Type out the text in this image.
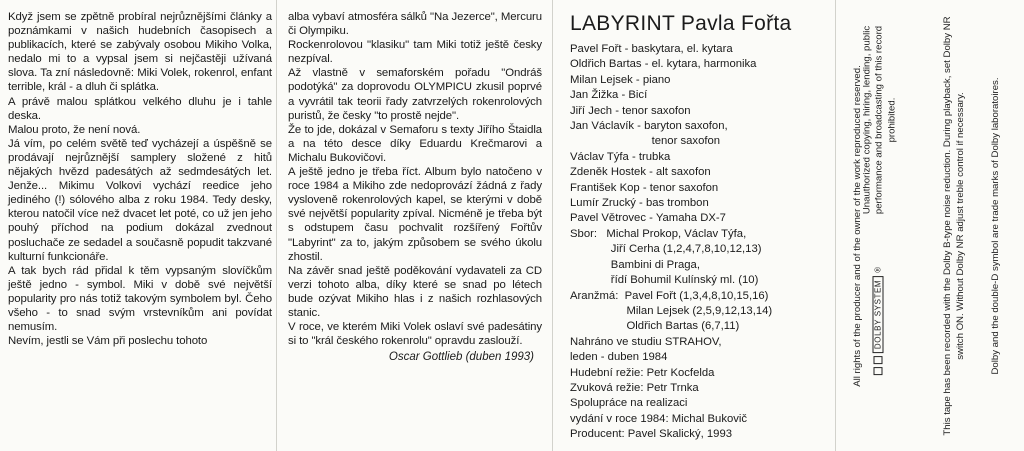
Když jsem se zpětně probíral nejrůznějšími články a poznámkami v našich hudebních časopisech a publikacích, které se zabývaly osobou Mikiho Volka, nedalo mi to a vypsal jsem si nejčastěji užívaná slova. Ta zní následovně: Miki Volek, rokenrol, enfant terrible, král - a dluh či splátka.
A právě malou splátkou velkého dluhu je i tahle deska.
Malou proto, že není nová.
Já vím, po celém světě teď vycházejí a úspěšně se prodávají nejrůznější samplery složené z hitů nějakých hvězd padesátých až sedmdesátých let. Jenže... Mikimu Volkovi vychází reedice jeho jediného (!) sólového alba z roku 1984. Tedy desky, kterou natočil více než dvacet let poté, co už jen jeho pouhý příchod na podium dokázal zvednout posluchače ze sedadel a současně popudit takzvané kulturní funkcionáře.
A tak bych rád přidal k těm vypsaným slovíčkům ještě jedno - symbol. Miki v době své největší popularity pro nás totiž takovým symbolem byl. Čeho všeho - to snad svým vrstevníkům ani povídat nemusím.
Nevím, jestli se Vám při poslechu tohoto

alba vybaví atmosféra sálků "Na Jezerce", Mercuru či Olympiku.
Rockenrolovou "klasiku" tam Miki totiž ještě česky nezpíval.
Až vlastně v semaforském pořadu "Ondráš podotýká" za doprovodu OLYMPICU zkusil poprvé a vyvrátil tak teorii řady zatvrzelých rokenrolových puristů, že česky "to prostě nejde".
Že to jde, dokázal v Semaforu s texty Jiřího Štaidla a na této desce díky Eduardu Krečmarovi a Michalu Bukovičovi.
A ještě jedno je třeba říct. Album bylo natočeno v roce 1984 a Mikiho zde nedoprovází žádná z řady vysloveně rokenrolových kapel, se kterými v době své největší popularity zpíval. Nicméně je třeba být s odstupem času pochvalit rozšířený Fořtův "Labyrint" za to, jakým způsobem se svého úkolu zhostil.
Na závěr snad ještě poděkování vydavateli za CD verzi tohoto alba, díky které se snad po létech bude ozývat Mikiho hlas i z našich rozhlasových stanic.
V roce, ve kterém Miki Volek oslaví své padesátiny si to "král českého rokenrolu" opravdu zaslouží.

Oscar Gottlieb (duben 1993)
LABYRINT Pavla Fořta
Pavel Fořt - baskytara, el. kytara
Oldřich Bartas - el. kytara, harmonika
Milan Lejsek - piano
Jan Žižka - Bicí
Jiří Jech - tenor saxofon
Jan Václavík - baryton saxofon,
tenor saxofon
Václav Týfa - trubka
Zdeněk Hostek - alt saxofon
František Kop - tenor saxofon
Lumír Zrucký - bas trombon
Pavel Větrovec - Yamaha DX-7
Sbor:   Michal Prokop, Václav Týfa,
Jiří Cerha (1,2,4,7,8,10,12,13)
Bambini di Praga,
řídí Bohumil Kulínský ml. (10)
Aranžmá:  Pavel Fořt (1,3,4,8,10,15,16)
Milan Lejsek (2,5,9,12,13,14)
Oldřich Bartas (6,7,11)
Nahráno ve studiu STRAHOV,
leden - duben 1984
Hudební režie: Petr Kocfelda
Zvuková režie: Petr Trnka
Spolupráce na realizaci
vydání v roce 1984: Michal Bukovič
Producent: Pavel Skalický, 1993
All rights of the producer and of the owner of the work reproduced reserved.
Unauthorized copying, hiring, lending, public performance and broadcasting of this record prohibited.
DOLBY SYSTEM
®	This tape has been recorded with the Dolby B-type noise reduction. During playback, set Dolby NR switch ON. Without Dolby NR adjust treble control if necessary. Dolby and the double-D symbol are trade marks of Dolby laboratoires.
